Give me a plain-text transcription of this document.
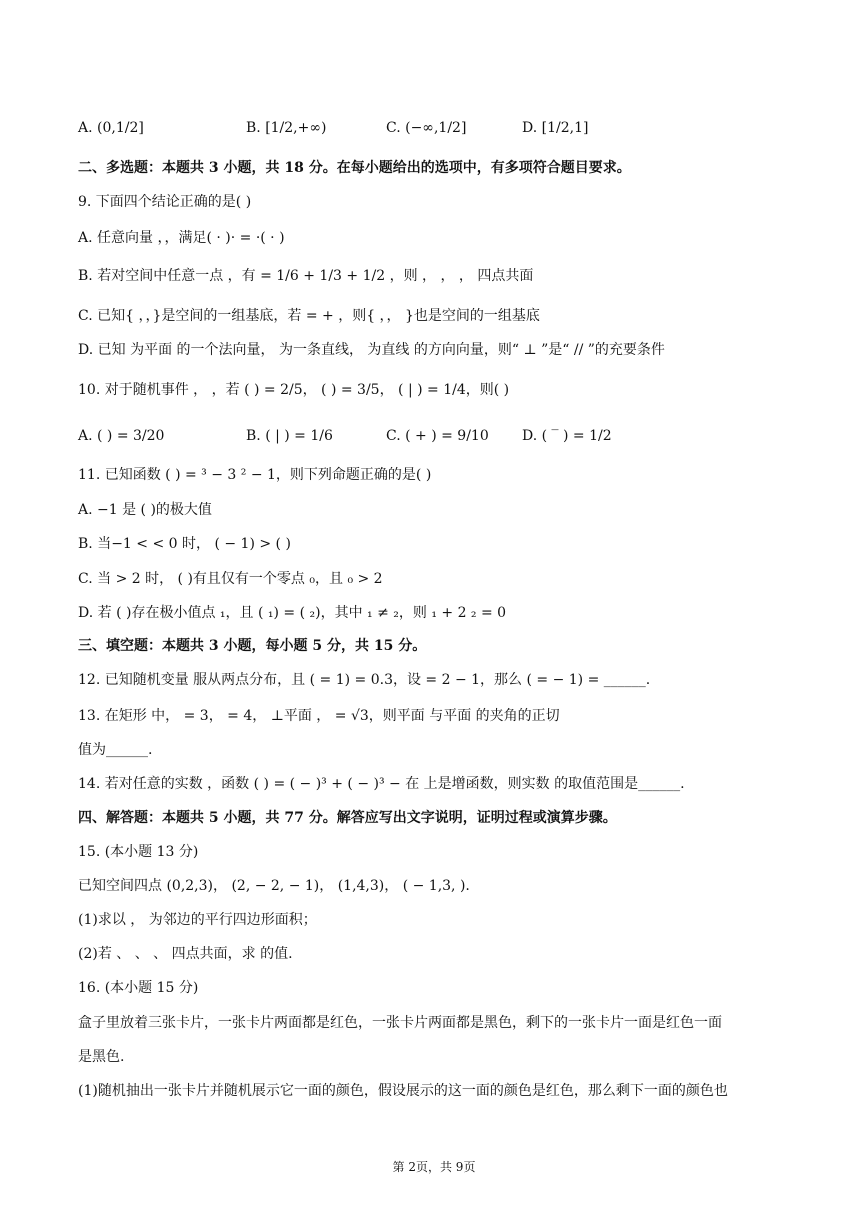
A. (0,1/2]	B. [1/2,+∞)	C. (−∞,1/2]	D. [1/2,1]
二、多选题：本题共 3 小题，共 18 分。在每小题给出的选项中，有多项符合题目要求。
9. 下面四个结论正确的是( )
A. 任意向量 ，，满足( · )· = ·( · )
B. 若对空间中任意一点 ，有 = 1/6 + 1/3 + 1/2 ，则 ， ， ， 四点共面
C. 已知{ ，，}是空间的一组基底，若 = + ，则{ ，， }也是空间的一组基底
D. 已知 为平面 的一个法向量， 为一条直线， 为直线 的方向向量，则“ ⊥ ”是“ // ”的充要条件
10. 对于随机事件 ， ，若 ( ) = 2/5， ( ) = 3/5， ( | ) = 1/4，则( )
A. ( ) = 3/20	B. ( | ) = 1/6	C. ( + ) = 9/10 D. ( ‾ ) = 1/2
11. 已知函数 ( ) = ³ − 3 ² − 1，则下列命题正确的是( )
A. −1 是 ( )的极大值
B. 当−1 < < 0 时， ( − 1) > ( )
C. 当 > 2 时， ( )有且仅有一个零点 ₀，且 ₀ > 2
D. 若 ( )存在极小值点 ₁，且 ( ₁) = ( ₂)，其中 ₁ ≠ ₂，则 ₁ + 2 ₂ = 0
三、填空题：本题共 3 小题，每小题 5 分，共 15 分。
12. 已知随机变量 服从两点分布，且 ( = 1) = 0.3，设 = 2 − 1，那么 ( = − 1) = ______.
13. 在矩形 中， = 3， = 4， ⊥平面 ， = √3，则平面 与平面 的夹角的正切
值为______.
14. 若对任意的实数 ，函数 ( ) = ( − )³ + ( − )³ − 在 上是增函数，则实数 的取值范围是______.
四、解答题：本题共 5 小题，共 77 分。解答应写出文字说明，证明过程或演算步骤。
15. (本小题 13 分)
已知空间四点 (0,2,3)， (2, − 2, − 1)， (1,4,3)， ( − 1,3, ).
(1)求以 ， 为邻边的平行四边形面积；
(2)若 、 、 、 四点共面，求 的值.
16. (本小题 15 分)
盒子里放着三张卡片，一张卡片两面都是红色，一张卡片两面都是黑色，剩下的一张卡片一面是红色一面
是黑色.
(1)随机抽出一张卡片并随机展示它一面的颜色，假设展示的这一面的颜色是红色，那么剩下一面的颜色也
第 2页，共 9页
